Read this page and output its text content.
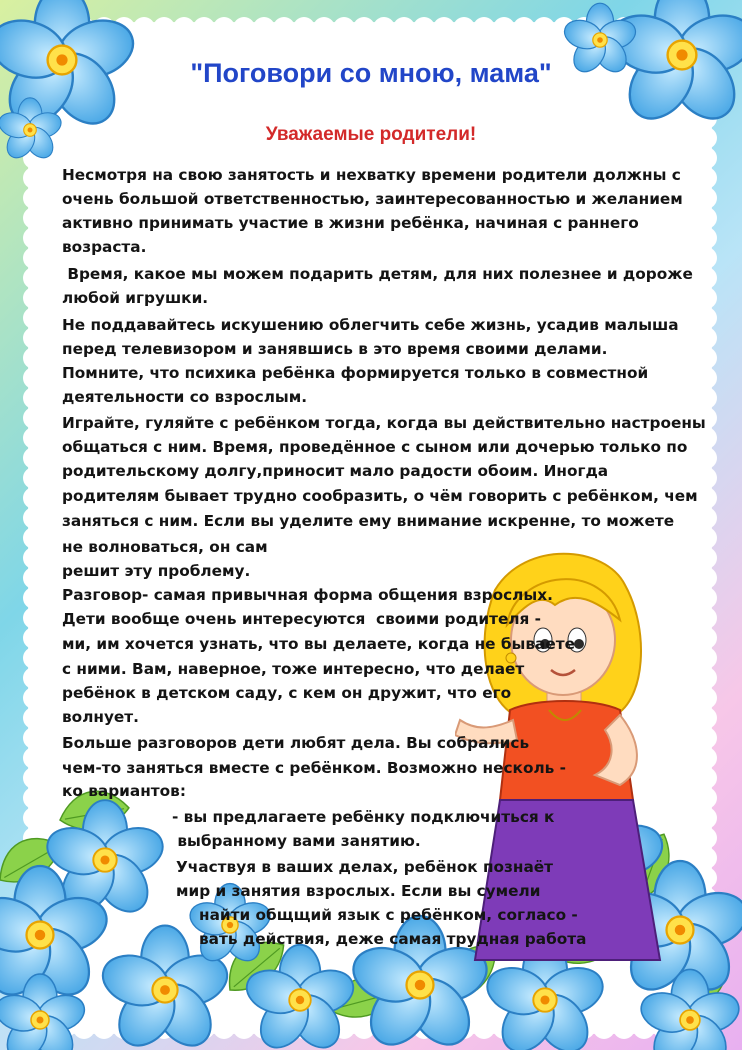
"Поговори со мною, мама"
Уважаемые родители!

Несмотря на свою занятость и нехватку времени родители должны с

очень большой ответственностью, заинтересованностью и желанием

активно принимать участие в жизни ребёнка, начиная с раннего

возраста.

Время, какое мы можем подарить детям, для них полезнее и дороже

любой игрушки.

Не поддавайтесь искушению облегчить себе жизнь, усадив малыша

перед телевизором и занявшись в это время своими делами.

Помните, что психика ребёнка формируется только в совместной

деятельности со взрослым.

Играйте, гуляйте с ребёнком тогда, когда вы действительно настроены

общаться с ним. Время, проведённое с сыном или дочерью только по

родительскому долгу,приносит мало радости обоим. Иногда

родителям бывает трудно сообразить, о чём говорить с ребёнком, чем

заняться с ним. Если вы уделите ему внимание искренне, то можете

не волноваться, он сам

решит эту проблему.

Разговор- самая привычная форма общения взрослых.

Дети вообще очень интересуются  своими родителя -

ми, им хочется узнать, что вы делаете, когда не бываете

с ними. Вам, наверное, тоже интересно, что делает

ребёнок в детском саду, с кем он дружит, что его

волнует.

Больше разговоров дети любят дела. Вы собрались

чем-то заняться вместе с ребёнком. Возможно несколь -

ко вариантов:

- вы предлагаете ребёнку подключиться к

выбранному вами занятию.

Участвуя в ваших делах, ребёнок познаёт

мир и занятия взрослых. Если вы сумели

найти общщий язык с ребёнком, согласо -

вать действия, деже самая трудная работа
